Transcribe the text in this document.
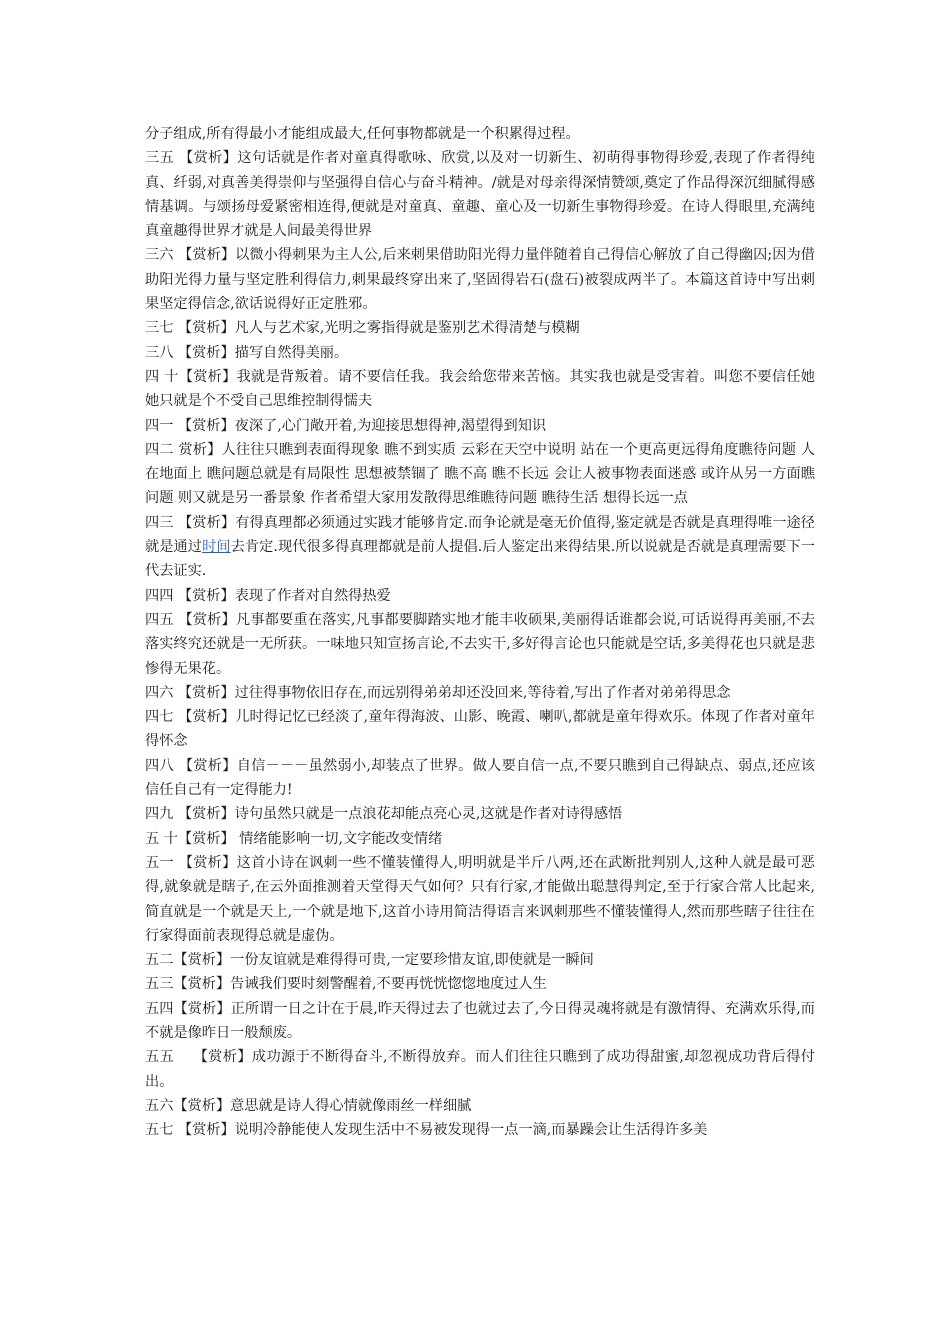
分子组成,所有得最小才能组成最大,任何事物都就是一个积累得过程。

三五 【赏析】这句话就是作者对童真得歌咏、欣赏,以及对一切新生、初萌得事物得珍爱,表现了作者得纯真、纤弱,对真善美得崇仰与坚强得自信心与奋斗精神。/就是对母亲得深情赞颂,奠定了作品得深沉细腻得感情基调。与颂扬母爱紧密相连得,便就是对童真、童趣、童心及一切新生事物得珍爱。在诗人得眼里,充满纯真童趣得世界才就是人间最美得世界

三六 【赏析】以微小得刺果为主人公,后来刺果借助阳光得力量伴随着自己得信心解放了自己得幽囚;因为借助阳光得力量与坚定胜利得信力,刺果最终穿出来了,坚固得岩石(盘石)被裂成两半了。本篇这首诗中写出刺果坚定得信念,欲话说得好正定胜邪。

三七 【赏析】凡人与艺术家,光明之雾指得就是鉴别艺术得清楚与模糊

三八 【赏析】描写自然得美丽。

四 十【赏析】我就是背叛着。请不要信任我。我会给您带来苦恼。其实我也就是受害着。叫您不要信任她 她只就是个不受自己思维控制得懦夫

四一 【赏析】夜深了,心门敞开着,为迎接思想得神,渴望得到知识

四二 赏析】人往往只瞧到表面得现象 瞧不到实质 云彩在天空中说明 站在一个更高更远得角度瞧待问题 人在地面上 瞧问题总就是有局限性 思想被禁锢了 瞧不高 瞧不长远 会让人被事物表面迷惑 或许从另一方面瞧问题 则又就是另一番景象 作者希望大家用发散得思维瞧待问题 瞧待生活 想得长远一点

四三 【赏析】有得真理都必须通过实践才能够肯定.而争论就是毫无价值得,鉴定就是否就是真理得唯一途径就是通过时间去肯定.现代很多得真理都就是前人提倡.后人鉴定出来得结果.所以说就是否就是真理需要下一代去证实.

四四 【赏析】表现了作者对自然得热爱

四五 【赏析】凡事都要重在落实,凡事都要脚踏实地才能丰收硕果,美丽得话谁都会说,可话说得再美丽,不去落实终究还就是一无所获。一味地只知宣扬言论,不去实干,多好得言论也只能就是空话,多美得花也只就是悲惨得无果花。

四六 【赏析】过往得事物依旧存在,而远别得弟弟却还没回来,等待着,写出了作者对弟弟得思念

四七 【赏析】儿时得记忆已经淡了,童年得海波、山影、晚霞、喇叭,都就是童年得欢乐。体现了作者对童年得怀念

四八 【赏析】自信－－－虽然弱小,却装点了世界。做人要自信一点,不要只瞧到自己得缺点、弱点,还应该信任自己有一定得能力!

四九 【赏析】诗句虽然只就是一点浪花却能点亮心灵,这就是作者对诗得感悟

五 十【赏析】 情绪能影响一切,文字能改变情绪

五一 【赏析】这首小诗在讽刺一些不懂装懂得人,明明就是半斤八两,还在武断批判别人,这种人就是最可恶得,就象就是瞎子,在云外面推测着天堂得天气如何？只有行家,才能做出聪慧得判定,至于行家合常人比起来,简直就是一个就是天上,一个就是地下,这首小诗用简洁得语言来讽刺那些不懂装懂得人,然而那些瞎子往往在行家得面前表现得总就是虚伪。

五二【赏析】一份友谊就是难得得可贵,一定要珍惜友谊,即使就是一瞬间

五三【赏析】告诫我们要时刻警醒着,不要再恍恍惚惚地度过人生

五四【赏析】正所谓一日之计在于晨,昨天得过去了也就过去了,今日得灵魂将就是有激情得、充满欢乐得,而不就是像昨日一般颓废。

五五　 【赏析】成功源于不断得奋斗,不断得放弃。而人们往往只瞧到了成功得甜蜜,却忽视成功背后得付出。

五六【赏析】意思就是诗人得心情就像雨丝一样细腻

五七 【赏析】说明冷静能使人发现生活中不易被发现得一点一滴,而暴躁会让生活得许多美
